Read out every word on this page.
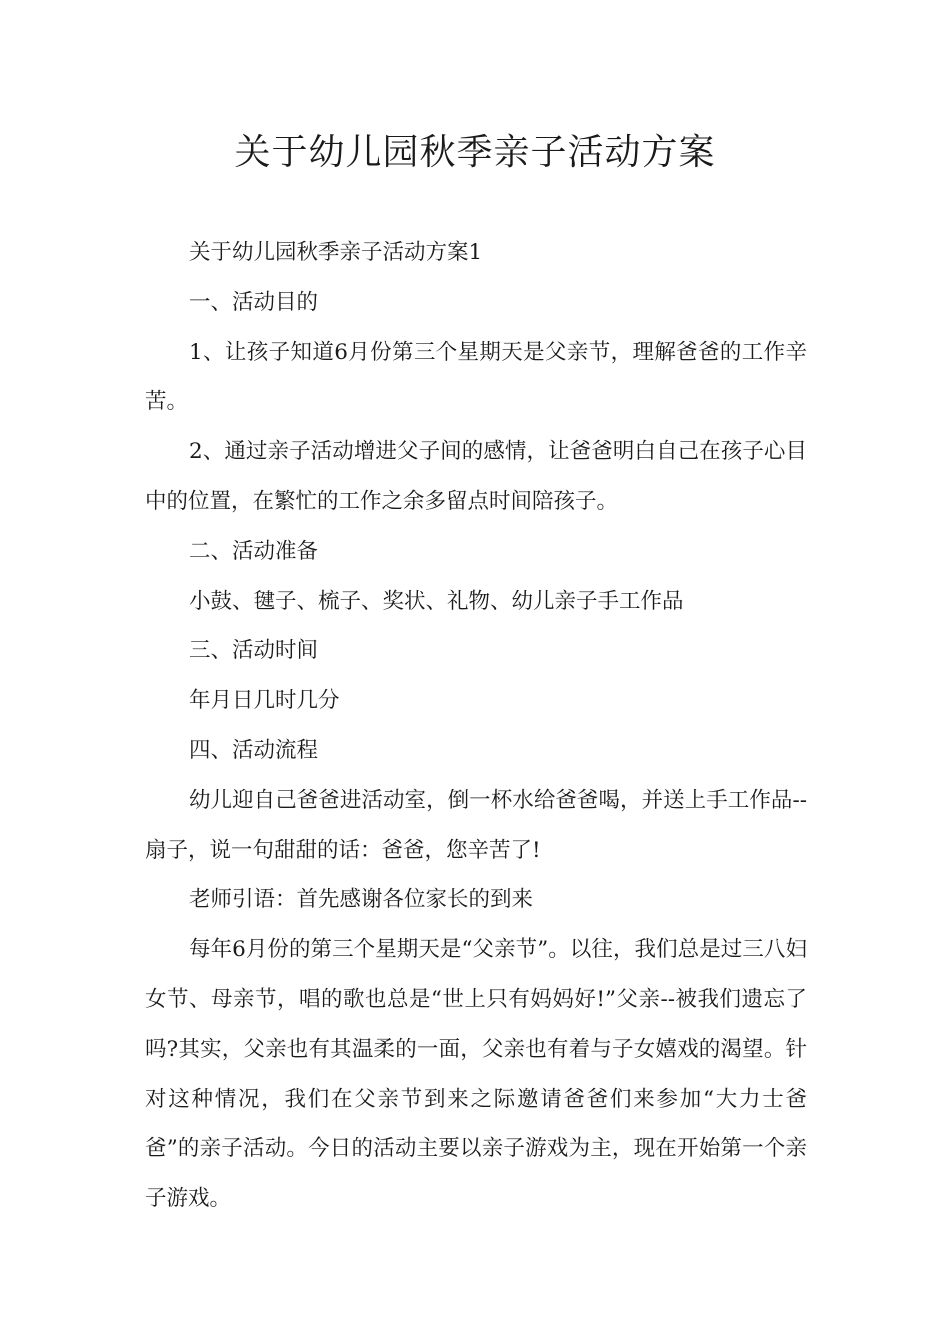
关于幼儿园秋季亲子活动方案

关于幼儿园秋季亲子活动方案1

一、活动目的

1、让孩子知道6月份第三个星期天是父亲节，理解爸爸的工作辛苦。

2、通过亲子活动增进父子间的感情，让爸爸明白自己在孩子心目中的位置，在繁忙的工作之余多留点时间陪孩子。

二、活动准备

小鼓、毽子、梳子、奖状、礼物、幼儿亲子手工作品

三、活动时间

年月日几时几分

四、活动流程

幼儿迎自己爸爸进活动室，倒一杯水给爸爸喝，并送上手工作品--扇子，说一句甜甜的话：爸爸，您辛苦了!

老师引语：首先感谢各位家长的到来

每年6月份的第三个星期天是“父亲节”。以往，我们总是过三八妇女节、母亲节，唱的歌也总是“世上只有妈妈好!”父亲--被我们遗忘了吗?其实，父亲也有其温柔的一面，父亲也有着与子女嬉戏的渴望。针对这种情况，我们在父亲节到来之际邀请爸爸们来参加“大力士爸爸”的亲子活动。今日的活动主要以亲子游戏为主，现在开始第一个亲子游戏。
